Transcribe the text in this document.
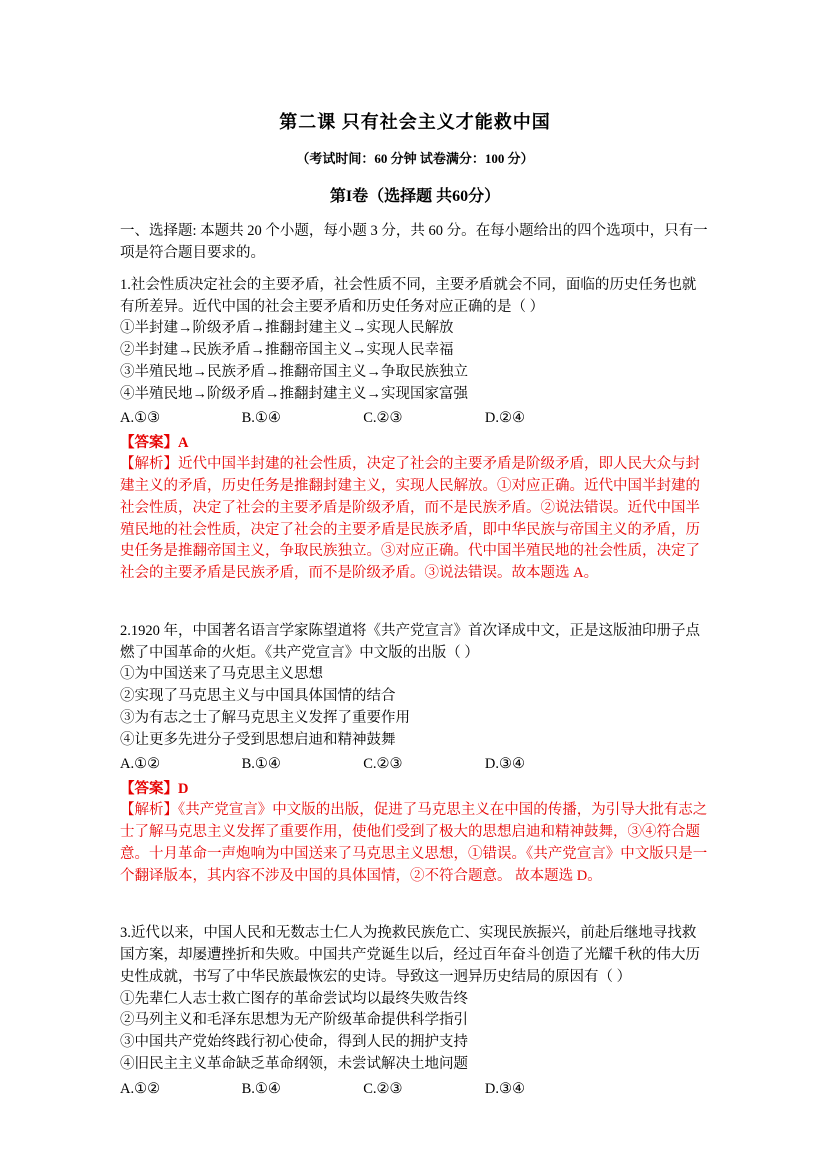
第二课 只有社会主义才能救中国

（考试时间：60 分钟 试卷满分：100 分）

第I卷（选择题 共60分）

一、选择题: 本题共 20 个小题，每小题 3 分，共 60 分。在每小题给出的四个选项中，只有一项是符合题目要求的。

1.社会性质决定社会的主要矛盾，社会性质不同，主要矛盾就会不同，面临的历史任务也就有所差异。近代中国的社会主要矛盾和历史任务对应正确的是（ ）

①半封建→阶级矛盾→推翻封建主义→实现人民解放

②半封建→民族矛盾→推翻帝国主义→实现人民幸福

③半殖民地→民族矛盾→推翻帝国主义→争取民族独立

④半殖民地→阶级矛盾→推翻封建主义→实现国家富强

A.①③	B.①④	C.②③	D.②④

【答案】A

【解析】近代中国半封建的社会性质，决定了社会的主要矛盾是阶级矛盾，即人民大众与封建主义的矛盾，历史任务是推翻封建主义，实现人民解放。①对应正确。近代中国半封建的社会性质，决定了社会的主要矛盾是阶级矛盾，而不是民族矛盾。②说法错误。近代中国半殖民地的社会性质，决定了社会的主要矛盾是民族矛盾，即中华民族与帝国主义的矛盾，历史任务是推翻帝国主义，争取民族独立。③对应正确。代中国半殖民地的社会性质，决定了社会的主要矛盾是民族矛盾，而不是阶级矛盾。③说法错误。故本题选 A。

2.1920 年，中国著名语言学家陈望道将《共产党宣言》首次译成中文，正是这版油印册子点燃了中国革命的火炬。《共产党宣言》中文版的出版（ ）

①为中国送来了马克思主义思想

②实现了马克思主义与中国具体国情的结合

③为有志之士了解马克思主义发挥了重要作用

④让更多先进分子受到思想启迪和精神鼓舞

A.①②	B.①④	C.②③	D.③④

【答案】D

【解析】《共产党宣言》中文版的出版，促进了马克思主义在中国的传播，为引导大批有志之士了解马克思主义发挥了重要作用，使他们受到了极大的思想启迪和精神鼓舞，③④符合题意。十月革命一声炮响为中国送来了马克思主义思想，①错误。《共产党宣言》中文版只是一个翻译版本，其内容不涉及中国的具体国情，②不符合题意。 故本题选 D。

3.近代以来，中国人民和无数志士仁人为挽救民族危亡、实现民族振兴，前赴后继地寻找救国方案，却屡遭挫折和失败。中国共产党诞生以后，经过百年奋斗创造了光耀千秋的伟大历史性成就，书写了中华民族最恢宏的史诗。导致这一迥异历史结局的原因有（ ）

①先辈仁人志士救亡图存的革命尝试均以最终失败告终

②马列主义和毛泽东思想为无产阶级革命提供科学指引

③中国共产党始终践行初心使命，得到人民的拥护支持

④旧民主主义革命缺乏革命纲领，未尝试解决土地问题

A.①②	B.①④	C.②③	D.③④
